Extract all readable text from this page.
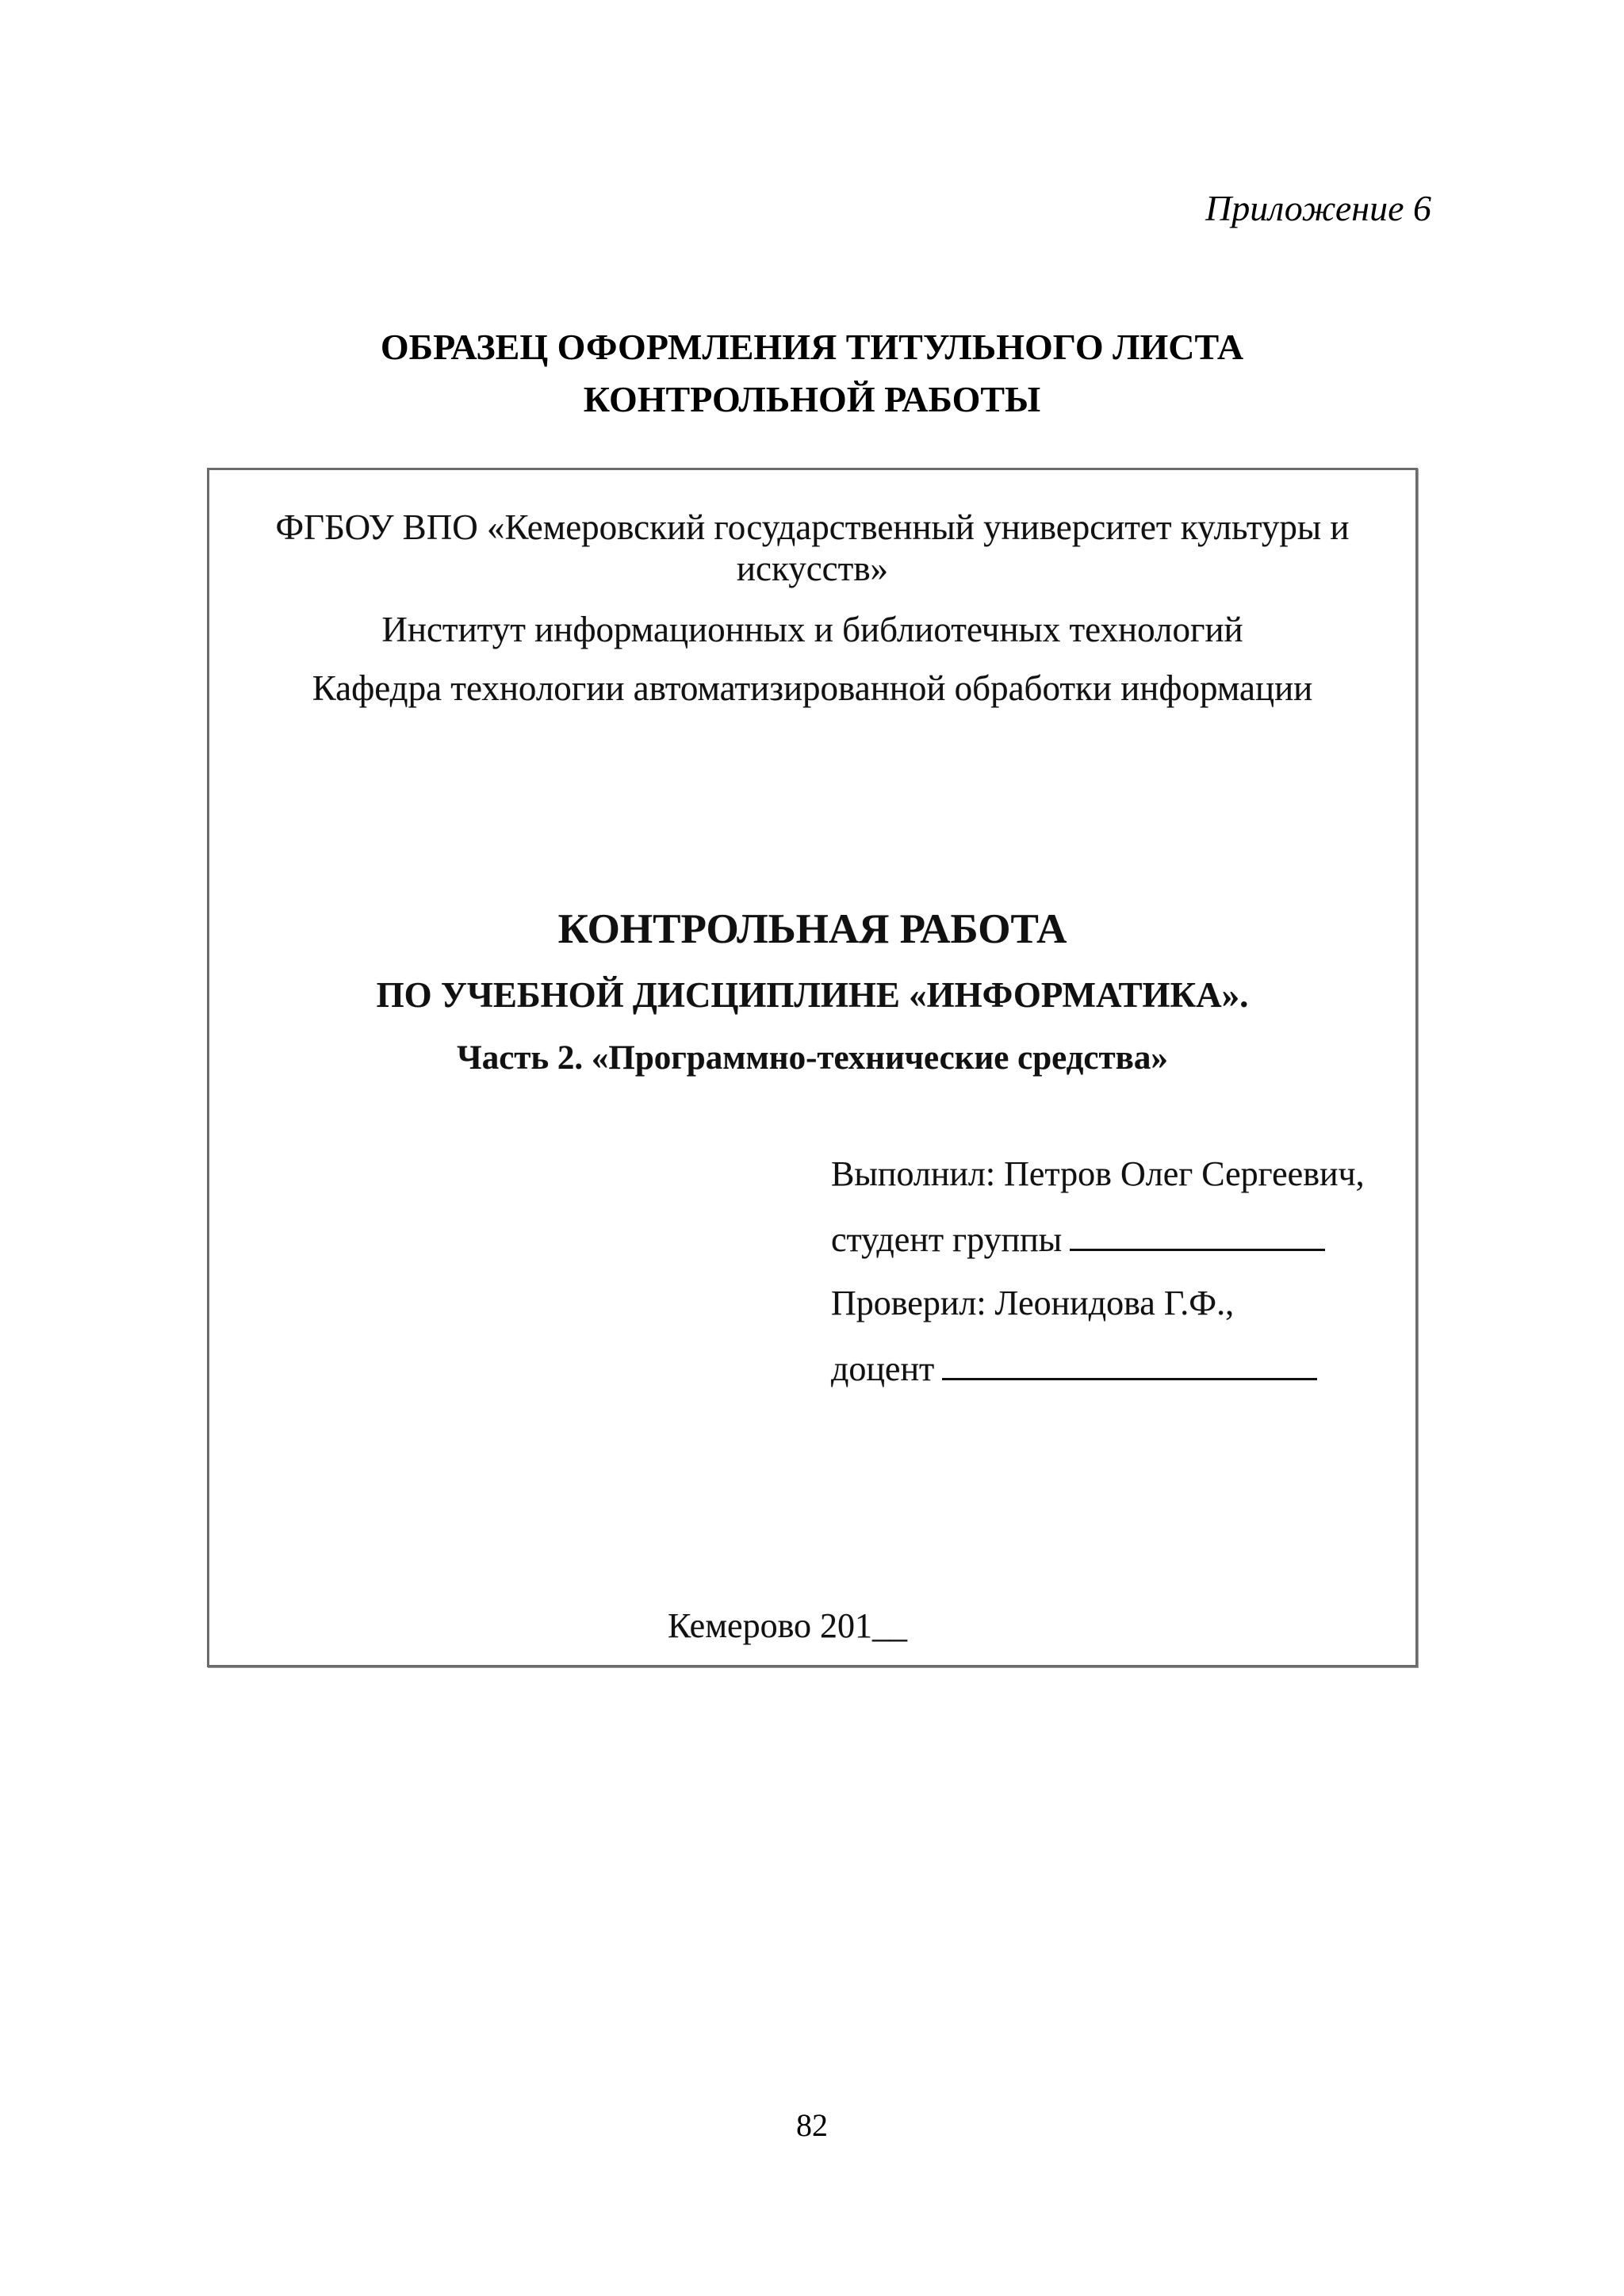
Приложение 6
ОБРАЗЕЦ ОФОРМЛЕНИЯ ТИТУЛЬНОГО ЛИСТА
КОНТРОЛЬНОЙ РАБОТЫ
ФГБОУ ВПО «Кемеровский государственный университет культуры и
искусств»
Институт информационных и библиотечных технологий
Кафедра технологии автоматизированной обработки информации
КОНТРОЛЬНАЯ РАБОТА
ПО УЧЕБНОЙ ДИСЦИПЛИНЕ «ИНФОРМАТИКА».
Часть 2. «Программно-технические средства»
Выполнил: Петров Олег Сергеевич,
студент группы
Проверил: Леонидова Г.Ф.,
доцент
Кемерово 201__
82
